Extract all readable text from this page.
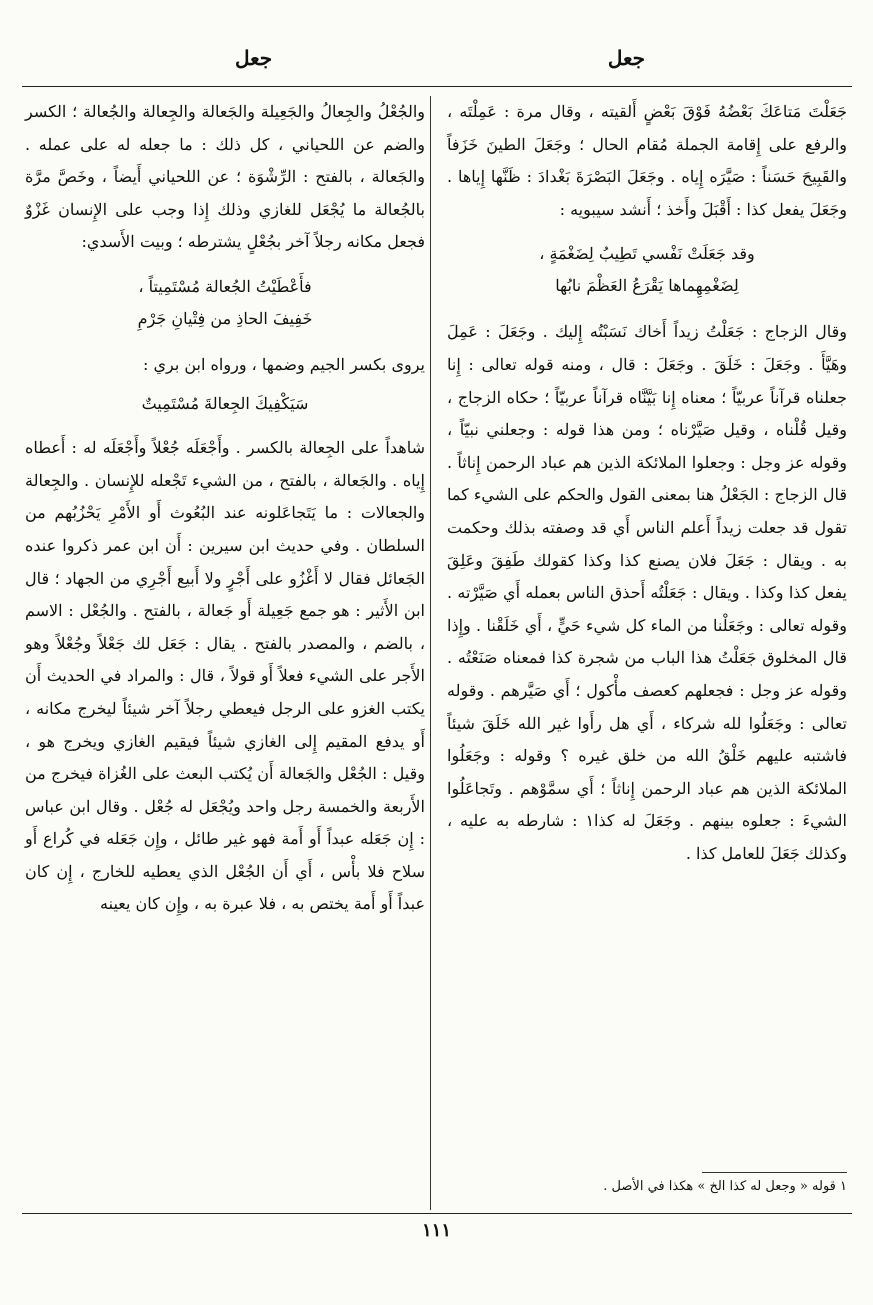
جعل
جعل

جَعَلْتَ مَتاعَكَ بَعْضُهُ فَوْقَ بَعْضٍ أَلقيته ، وقال مرة : عَمِلْتَه ، والرفع على إِقامة الجملة مُقام الحال ؛ وجَعَلَ الطينَ خَزَفاً والقَبِيحَ حَسَناً : صَيَّرَه إِياه . وجَعَلَ البَصْرَةَ بَغْدادَ : ظَنَّها إِياها . وجَعَلَ يفعل كذا : أَقْبَلَ وأَخذ ؛ أَنشد سيبويه :

وقد جَعَلَتْ نَفْسي تَطِيبُ لِضَغْمَةٍ ،
لِضَغْمِهِماها يَقْرَعُ العَظْمَ نابُها

وقال الزجاج : جَعَلْتُ زيداً أَخاك نَسَبْتُه إِليك . وجَعَلَ : عَمِلَ وهَيَّأَ . وجَعَلَ : خَلَقَ . وجَعَلَ : قال ، ومنه قوله تعالى : إِنا جعلناه قرآناً عربيّاً ؛ معناه إِنا بَيَّنَّاه قرآناً عربيّاً ؛ حكاه الزجاج ، وقيل قُلْناه ، وقيل صَيَّرْناه ؛ ومن هذا قوله : وجعلني نبيّاً ، وقوله عز وجل : وجعلوا الملائكة الذين هم عباد الرحمن إِناثاً . قال الزجاج : الجَعْلُ هنا بمعنى القول والحكم على الشيء كما تقول قد جعلت زيداً أَعلم الناس أَي قد وصفته بذلك وحكمت به . ويقال : جَعَلَ فلان يصنع كذا وكذا كقولك طَفِقَ وعَلِقَ يفعل كذا وكذا . ويقال : جَعَلْتُه أَحذق الناس بعمله أَي صَيَّرْته . وقوله تعالى : وجَعَلْنا من الماء كل شيء حَيٍّ ، أَي خَلَقْنا . وإِذا قال المخلوق جَعَلْتُ هذا الباب من شجرة كذا فمعناه صَنَعْتُه . وقوله عز وجل : فجعلهم كعصف مأْكول ؛ أَي صَيَّرهم . وقوله تعالى : وجَعَلُوا لله شركاء ، أَي هل رأَوا غير الله خَلَقَ شيئاً فاشتبه عليهم خَلْقُ الله من خلق غيره ؟ وقوله : وجَعَلُوا الملائكة الذين هم عباد الرحمن إِناثاً ؛ أَي سمَّوْهم . وتَجاعَلُوا الشيءَ : جعلوه بينهم . وجَعَلَ له كذا١ : شارطه به عليه ، وكذلك جَعَلَ للعامل كذا .

والجُعْلُ والجِعالُ والجَعِيلة والجَعالة والجِعالة والجُعالة ؛ الكسر والضم عن اللحياني ، كل ذلك : ما جعله له على عمله . والجَعالة ، بالفتح : الرِّشْوَة ؛ عن اللحياني أَيضاً ، وخَصَّ مرَّة بالجُعالة ما يُجْعَل للغازي وذلك إِذا وجب على الإِنسان غَزْوٌ فجعل مكانه رجلاً آخر بجُعْلٍ يشترطه ؛ وبيت الأَسدي:

فأَعْطَيْتُ الجُعالة مُسْتَمِيتاً ،
خَفِيفَ الحاذِ من فِتْيانِ جَرْمِ

يروى بكسر الجيم وضمها ، ورواه ابن بري :

سَيَكْفِيكَ الجِعالةَ مُسْتَمِيتٌ

شاهداً على الجِعالة بالكسر . وأَجْعَلَه جُعْلاً وأَجْعَلَه له : أَعطاه إِياه . والجَعالة ، بالفتح ، من الشيء تَجْعله للإِنسان . والجِعالة والجعالات : ما يَتَجاعَلونه عند البُعُوث أَو الأَمْرِ يَحْزُبُهم من السلطان . وفي حديث ابن سيرين : أَن ابن عمر ذكروا عنده الجَعائل فقال لا أَغْزُو على أَجْرٍ ولا أَبيع أَجْرِي من الجهاد ؛ قال ابن الأَثير : هو جمع جَعِيلة أَو جَعالة ، بالفتح . والجُعْل : الاسم ، بالضم ، والمصدر بالفتح . يقال : جَعَل لك جَعْلاً وجُعْلاً وهو الأَجر على الشيء فعلاً أَو قولاً ، قال : والمراد في الحديث أَن يكتب الغزو على الرجل فيعطي رجلاً آخر شيئاً ليخرج مكانه ، أَو يدفع المقيم إِلى الغازي شيئاً فيقيم الغازي ويخرج هو ، وقيل : الجُعْل والجَعالة أَن يُكتب البعث على الغُزاة فيخرج من الأَربعة والخمسة رجل واحد ويُجْعَل له جُعْل . وقال ابن عباس : إِن جَعَله عبداً أَو أَمة فهو غير طائل ، وإِن جَعَله في كُراع أَو سلاح فلا بأْس ، أَي أَن الجُعْل الذي يعطيه للخارج ، إِن كان عبداً أَو أَمة يختص به ، فلا عبرة به ، وإِن كان يعينه

١ قوله « وجعل له كذا الخ » هكذا في الأصل .
١١١
